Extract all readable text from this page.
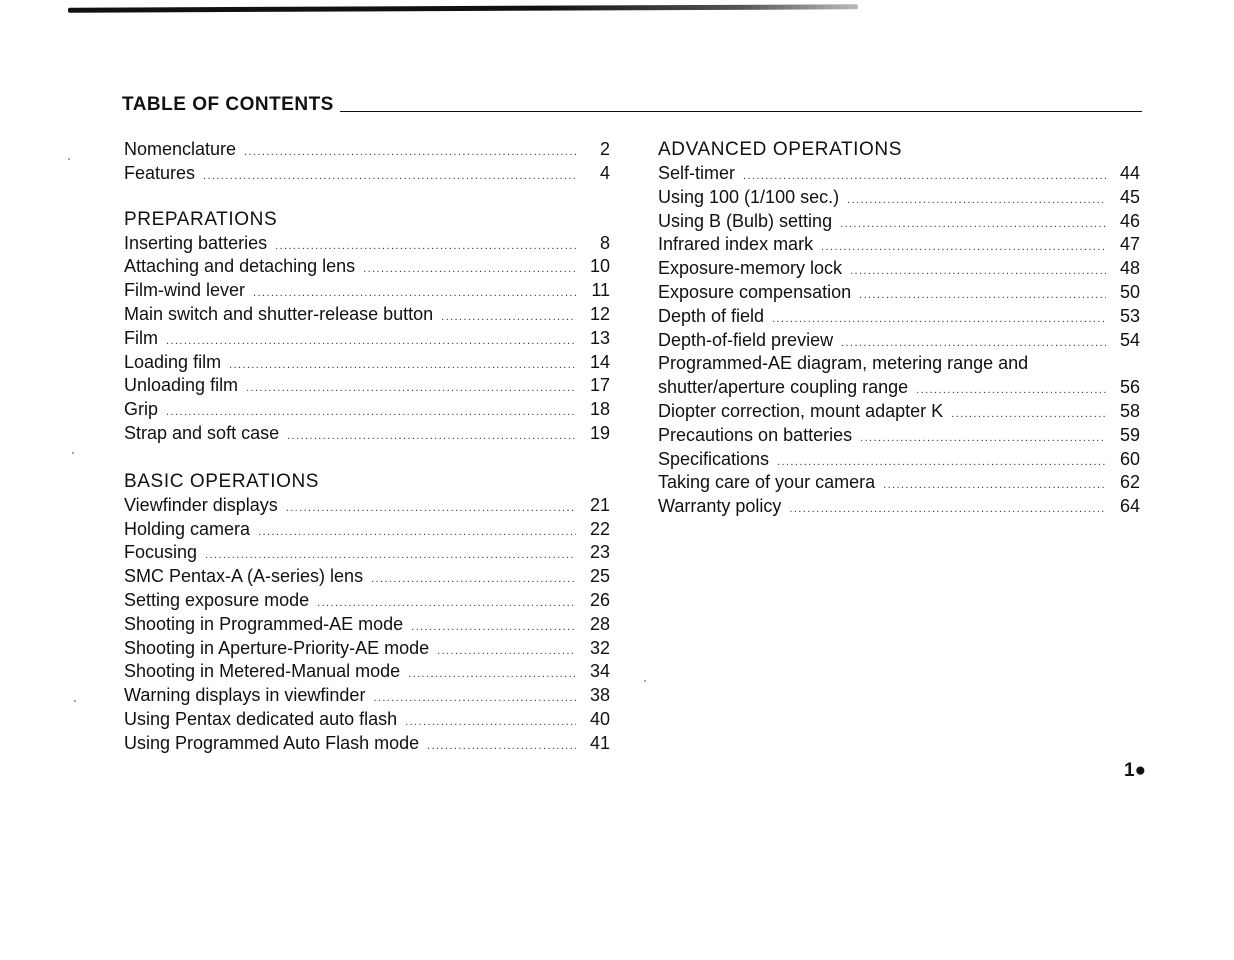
TABLE OF CONTENTS
Nomenclature .....	2
Features .....	4
PREPARATIONS
Inserting batteries .....	8
Attaching and detaching lens .....	10
Film-wind lever .....	11
Main switch and shutter-release button .....	12
Film .....	13
Loading film .....	14
Unloading film .....	17
Grip .....	18
Strap and soft case .....	19
BASIC OPERATIONS
Viewfinder displays .....	21
Holding camera .....	22
Focusing .....	23
SMC Pentax-A (A-series) lens .....	25
Setting exposure mode .....	26
Shooting in Programmed-AE mode .....	28
Shooting in Aperture-Priority-AE mode .....	32
Shooting in Metered-Manual mode .....	34
Warning displays in viewfinder .....	38
Using Pentax dedicated auto flash .....	40
Using Programmed Auto Flash mode .....	41
ADVANCED OPERATIONS
Self-timer .....	44
Using 100 (1/100 sec.) .....	45
Using B (Bulb) setting .....	46
Infrared index mark .....	47
Exposure-memory lock .....	48
Exposure compensation .....	50
Depth of field .....	53
Depth-of-field preview .....	54
Programmed-AE diagram, metering range and
shutter/aperture coupling range .....	56
Diopter correction, mount adapter K .....	58
Precautions on batteries .....	59
Specifications .....	60
Taking care of your camera .....	62
Warranty policy .....	64
1●
